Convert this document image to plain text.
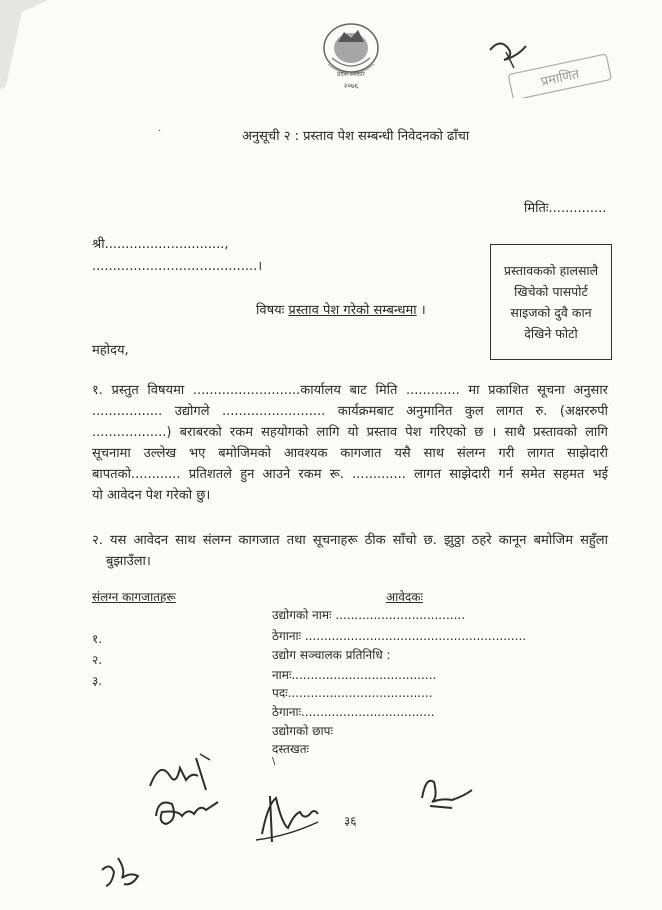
प्रदेश सरकार
२०७६	प्रमाणित
अनुसूची २ : प्रस्ताव पेश सम्बन्धी निवेदनको ढाँचा
·
मितिः..............
श्री.............................,
........................................।	प्रस्तावकको हालसालै
खिचेको पासपोर्ट
साइजको दुवै कान
देखिने फोटो
विषयः प्रस्ताव पेश गरेको सम्बन्धमा ।
महोदय,
१. प्रस्तुत विषयमा ..........................कार्यालय बाट मिति ............. मा प्रकाशित सूचना अनुसार
................. उद्योगले ......................... कार्यक्रमबाट अनुमानित कुल लागत रु. (अक्षररुपी
..................) बराबरको रकम सहयोगको लागि यो प्रस्ताव पेश गरिएको छ । साथै प्रस्तावको लागि
सूचनामा उल्लेख भए बमोजिमको आवश्यक कागजात यसै साथ संलग्न गरी लागत साझेदारी
बापतको............ प्रतिशतले हुन आउने रकम रू. ............. लागत साझेदारी गर्न समेत सहमत भई
यो आवेदन पेश गरेको छु।
२. यस आवेदन साथ संलग्न कागजात तथा सूचनाहरू ठीक साँचो छ. झुठ्ठा ठहरे कानून बमोजिम सहुँला
बुझाउँला।
संलग्न कागजातहरू
१.
२.
३.
आवेदकः
उद्योगको नामः ..................................
ठेगानाः ..........................................................
उद्योग सञ्चालक प्रतिनिधि :
नामः......................................
पदः......................................
ठेगानाः...................................
उद्योगको छापः
दस्तखतः
\
३६
